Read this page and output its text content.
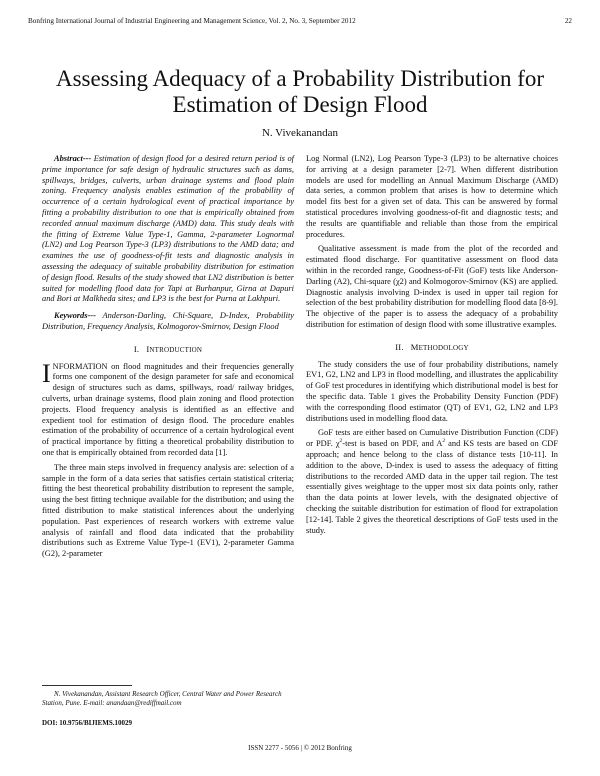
Bonfring International Journal of Industrial Engineering and Management Science, Vol. 2, No. 3, September 2012	22
Assessing Adequacy of a Probability Distribution for Estimation of Design Flood
N. Vivekanandan

Abstract--- Estimation of design flood for a desired return period is of prime importance for safe design of hydraulic structures such as dams, spillways, bridges, culverts, urban drainage systems and flood plain zoning. Frequency analysis enables estimation of the probability of occurrence of a certain hydrological event of practical importance by fitting a probability distribution to one that is empirically obtained from recorded annual maximum discharge (AMD) data. This study deals with the fitting of Extreme Value Type-1, Gamma, 2-parameter Lognormal (LN2) and Log Pearson Type-3 (LP3) distributions to the AMD data; and examines the use of goodness-of-fit tests and diagnostic analysis in assessing the adequacy of suitable probability distribution for estimation of design flood. Results of the study showed that LN2 distribution is better suited for modelling flood data for Tapi at Burhanpur, Girna at Dapuri and Bori at Malkheda sites; and LP3 is the best for Purna at Lakhpuri.

Keywords--- Anderson-Darling, Chi-Square, D-Index, Probability Distribution, Frequency Analysis, Kolmogorov-Smirnov, Design Flood

I. INTRODUCTION

INFORMATION on flood magnitudes and their frequencies generally forms one component of the design parameter for safe and economical design of structures such as dams, spillways, road/ railway bridges, culverts, urban drainage systems, flood plain zoning and flood protection projects. Flood frequency analysis is identified as an effective and expedient tool for estimation of design flood. The procedure enables estimation of the probability of occurrence of a certain hydrological event of practical importance by fitting a theoretical probability distribution to one that is empirically obtained from recorded data [1].

The three main steps involved in frequency analysis are: selection of a sample in the form of a data series that satisfies certain statistical criteria; fitting the best theoretical probability distribution to represent the sample, using the best fitting technique available for the distribution; and using the fitted distribution to make statistical inferences about the underlying population. Past experiences of research workers with extreme value analysis of rainfall and flood data indicated that the probability distributions such as Extreme Value Type-1 (EV1), 2-parameter Gamma (G2), 2-parameter

Log Normal (LN2), Log Pearson Type-3 (LP3) to be alternative choices for arriving at a design parameter [2-7]. When different distribution models are used for modelling an Annual Maximum Discharge (AMD) data series, a common problem that arises is how to determine which model fits best for a given set of data. This can be answered by formal statistical procedures involving goodness-of-fit and diagnostic tests; and the results are quantifiable and reliable than those from the empirical procedures.

Qualitative assessment is made from the plot of the recorded and estimated flood discharge. For quantitative assessment on flood data within in the recorded range, Goodness-of-Fit (GoF) tests like Anderson-Darling (A2), Chi-square (χ2) and Kolmogorov-Smirnov (KS) are applied. Diagnostic analysis involving D-index is used in upper tail region for selection of the best probability distribution for modelling flood data [8-9]. The objective of the paper is to assess the adequacy of a probability distribution for estimation of design flood with some illustrative examples.

II. METHODOLOGY

The study considers the use of four probability distributions, namely EV1, G2, LN2 and LP3 in flood modelling, and illustrates the applicability of GoF test procedures in identifying which distributional model is best for the specific data. Table 1 gives the Probability Density Function (PDF) with the corresponding flood estimator (QT) of EV1, G2, LN2 and LP3 distributions used in modelling flood data.

GoF tests are either based on Cumulative Distribution Function (CDF) or PDF. $\chi^2$-test is based on PDF, and $A^2$ and KS tests are based on CDF approach; and hence belong to the class of distance tests [10-11]. In addition to the above, D-index is used to assess the adequacy of fitting distributions to the recorded AMD data in the upper tail region. The test essentially gives weightage to the upper most six data points only, rather than the data points at lower levels, with the designated objective of checking the suitable distribution for estimation of flood for extrapolation [12-14]. Table 2 gives the theoretical descriptions of GoF tests used in the study.

N. Vivekanandan, Assistant Research Officer, Central Water and Power Research Station, Pune. E-mail: anandaan@rediffmail.com
DOI: 10.9756/BIJIEMS.10029
ISSN 2277 - 5056 | © 2012 Bonfring
